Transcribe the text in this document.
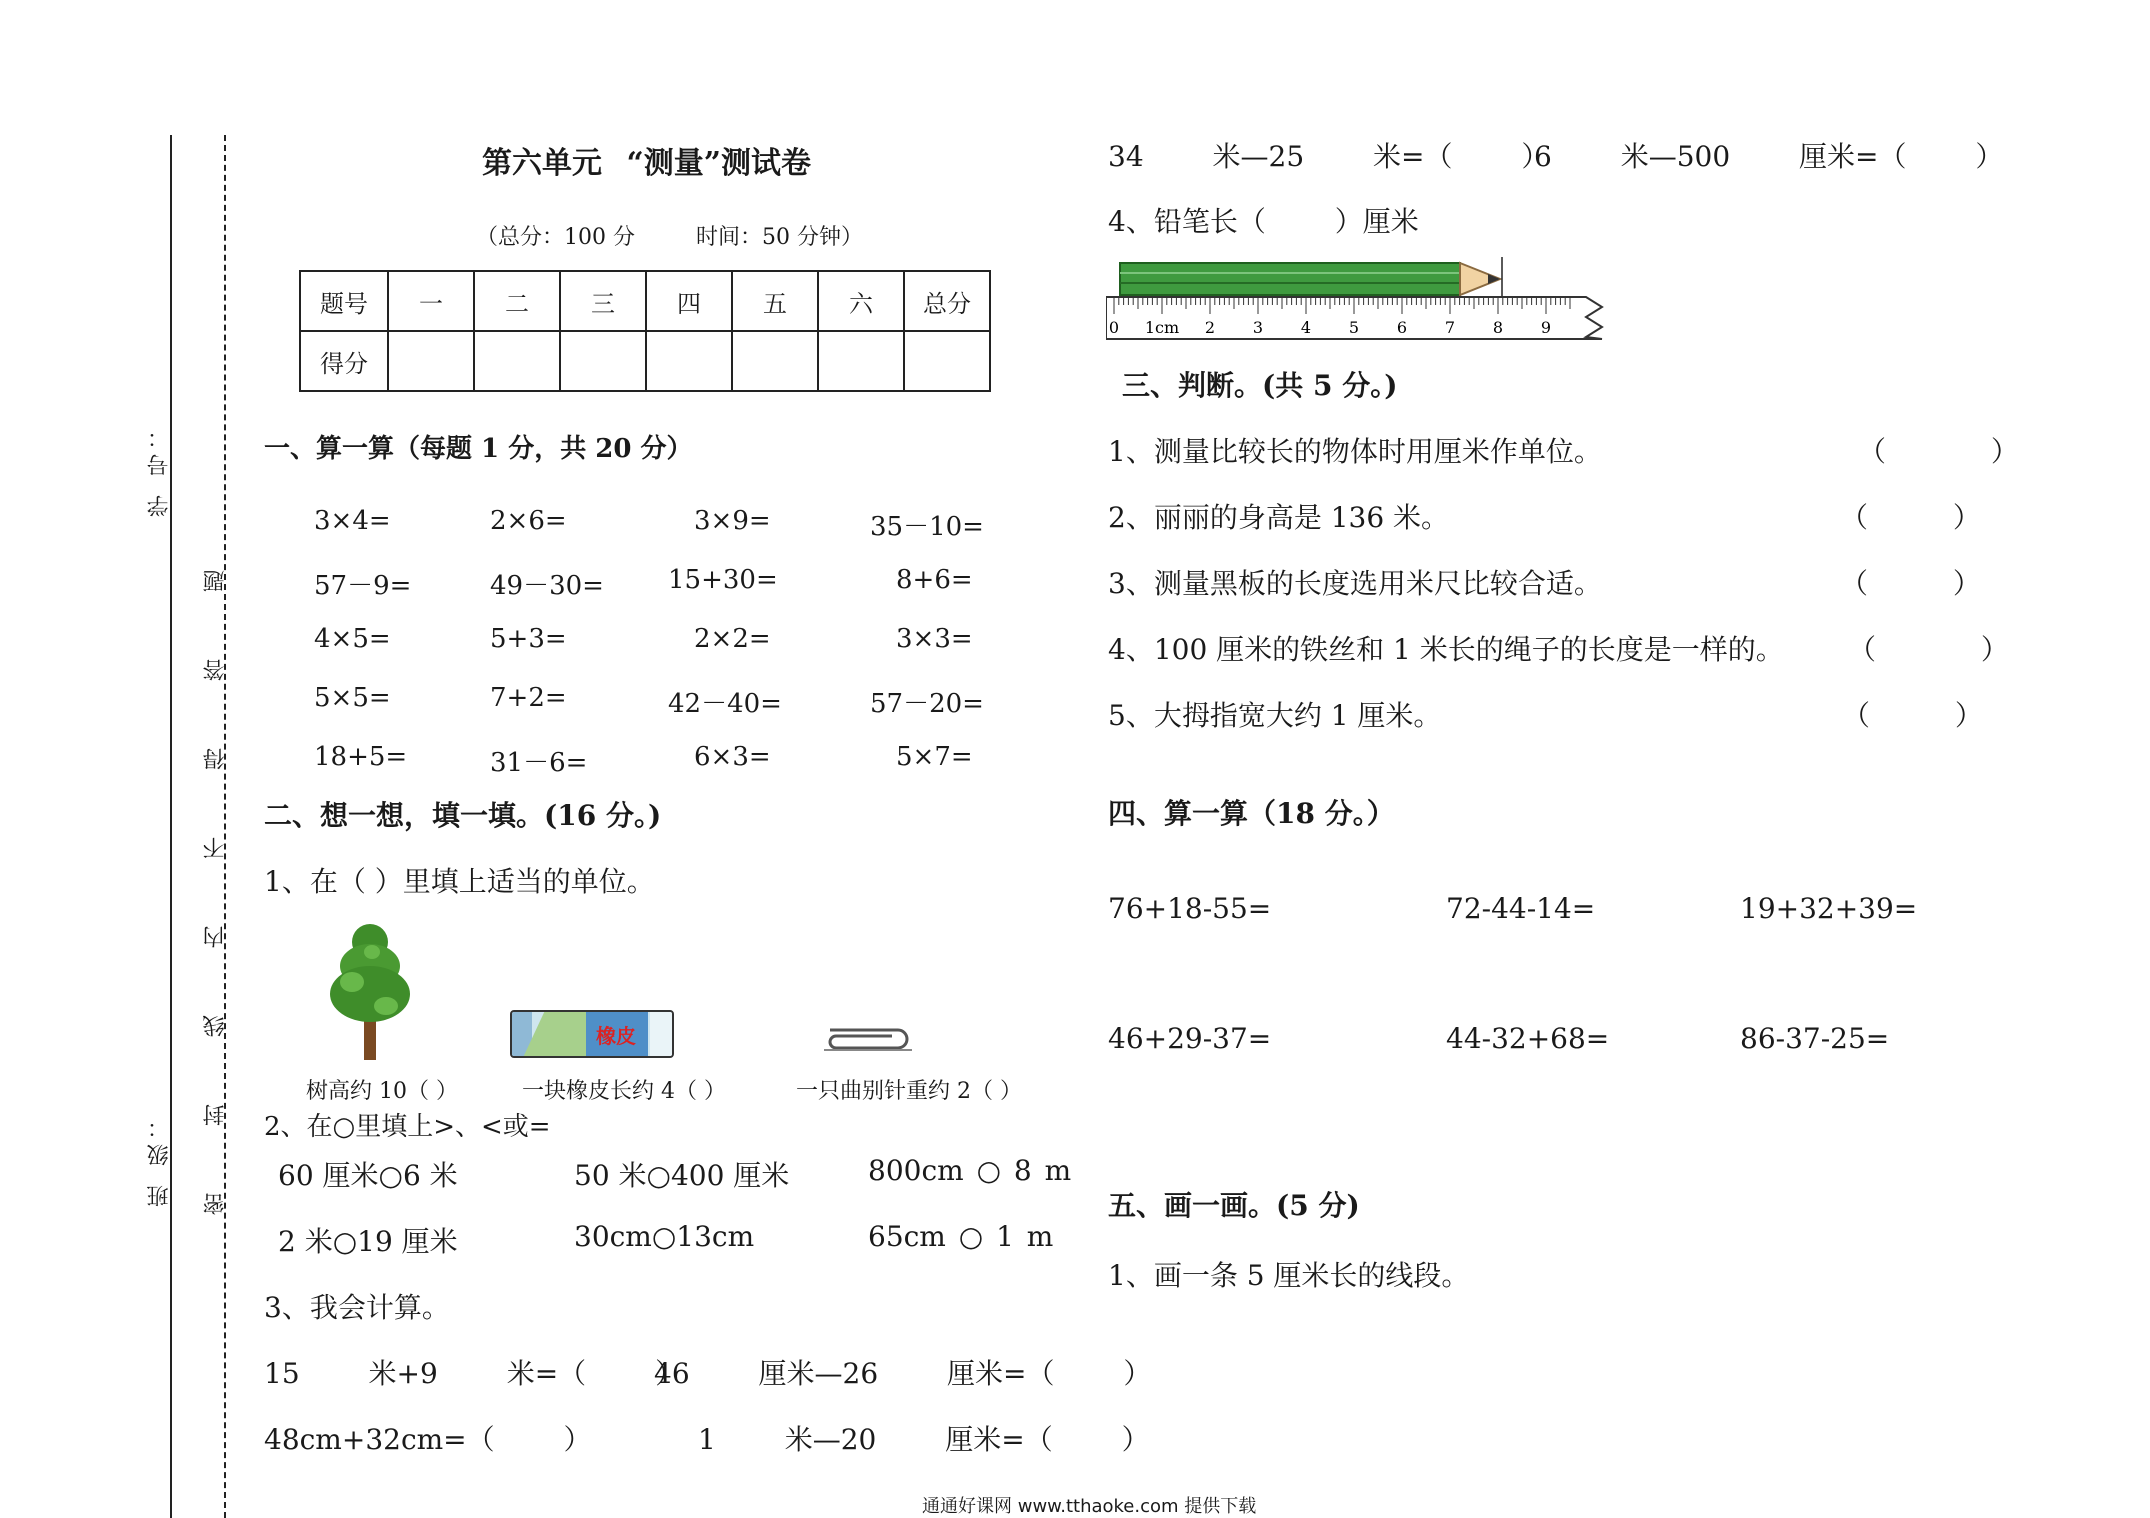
学 号：
班 级： 密 封 线 内 不 得 答 题
第六单元 “测量”测试卷
（总分：100 分	时间：50 分钟）
题号	一	二	三	四	五	六	总分
得分							
一、算一算（每题 1 分，共 20 分）
3×4=	2×6=	3×9=	35－10=
57－9=	49－30= 15+30=	8+6=
4×5=	5+3=	2×2=	3×3=
5×5=	7+2=	42－40=	57－20=
18+5=	31－6=	6×3=	5×7=
二、想一想，填一填。(16 分。)
1、在（ ）里填上适当的单位。
橡皮
树高约 10（ ）	一块橡皮长约 4（ ）	一只曲别针重约 2（ ）
2、在○里填上>、<或=
60 厘米○6 米	50 米○400 厘米	800cm ○ 8 m
2 米○19 厘米	30cm○13cm	65cm ○ 1 m
3、我会计算。
15 米+9 米=（ ）
46 厘米—26 厘米=（ ）
48cm+32cm=（ ）	1 米—20 厘米=（ ）
34 米—25 米=（ ）
6 米—500 厘米=（ ）
4、铅笔长（ ）厘米
0 1cm 2 3 4 5 6 7 8 9
三、判断。(共 5 分。)
1、测量比较长的物体时用厘米作单位。	（ ）
2、丽丽的身高是 136 米。	（ ）
3、测量黑板的长度选用米尺比较合适。	（ ）
4、100 厘米的铁丝和 1 米长的绳子的长度是一样的。 （ ）
5、大拇指宽大约 1 厘米。	（ ）
四、算一算（18 分。）
76+18-55=	72-44-14=	19+32+39=
46+29-37=	44-32+68=	86-37-25=
五、画一画。(5 分)
1、画一条 5 厘米长的线段。
通通好课网 www.tthaoke.com 提供下载
